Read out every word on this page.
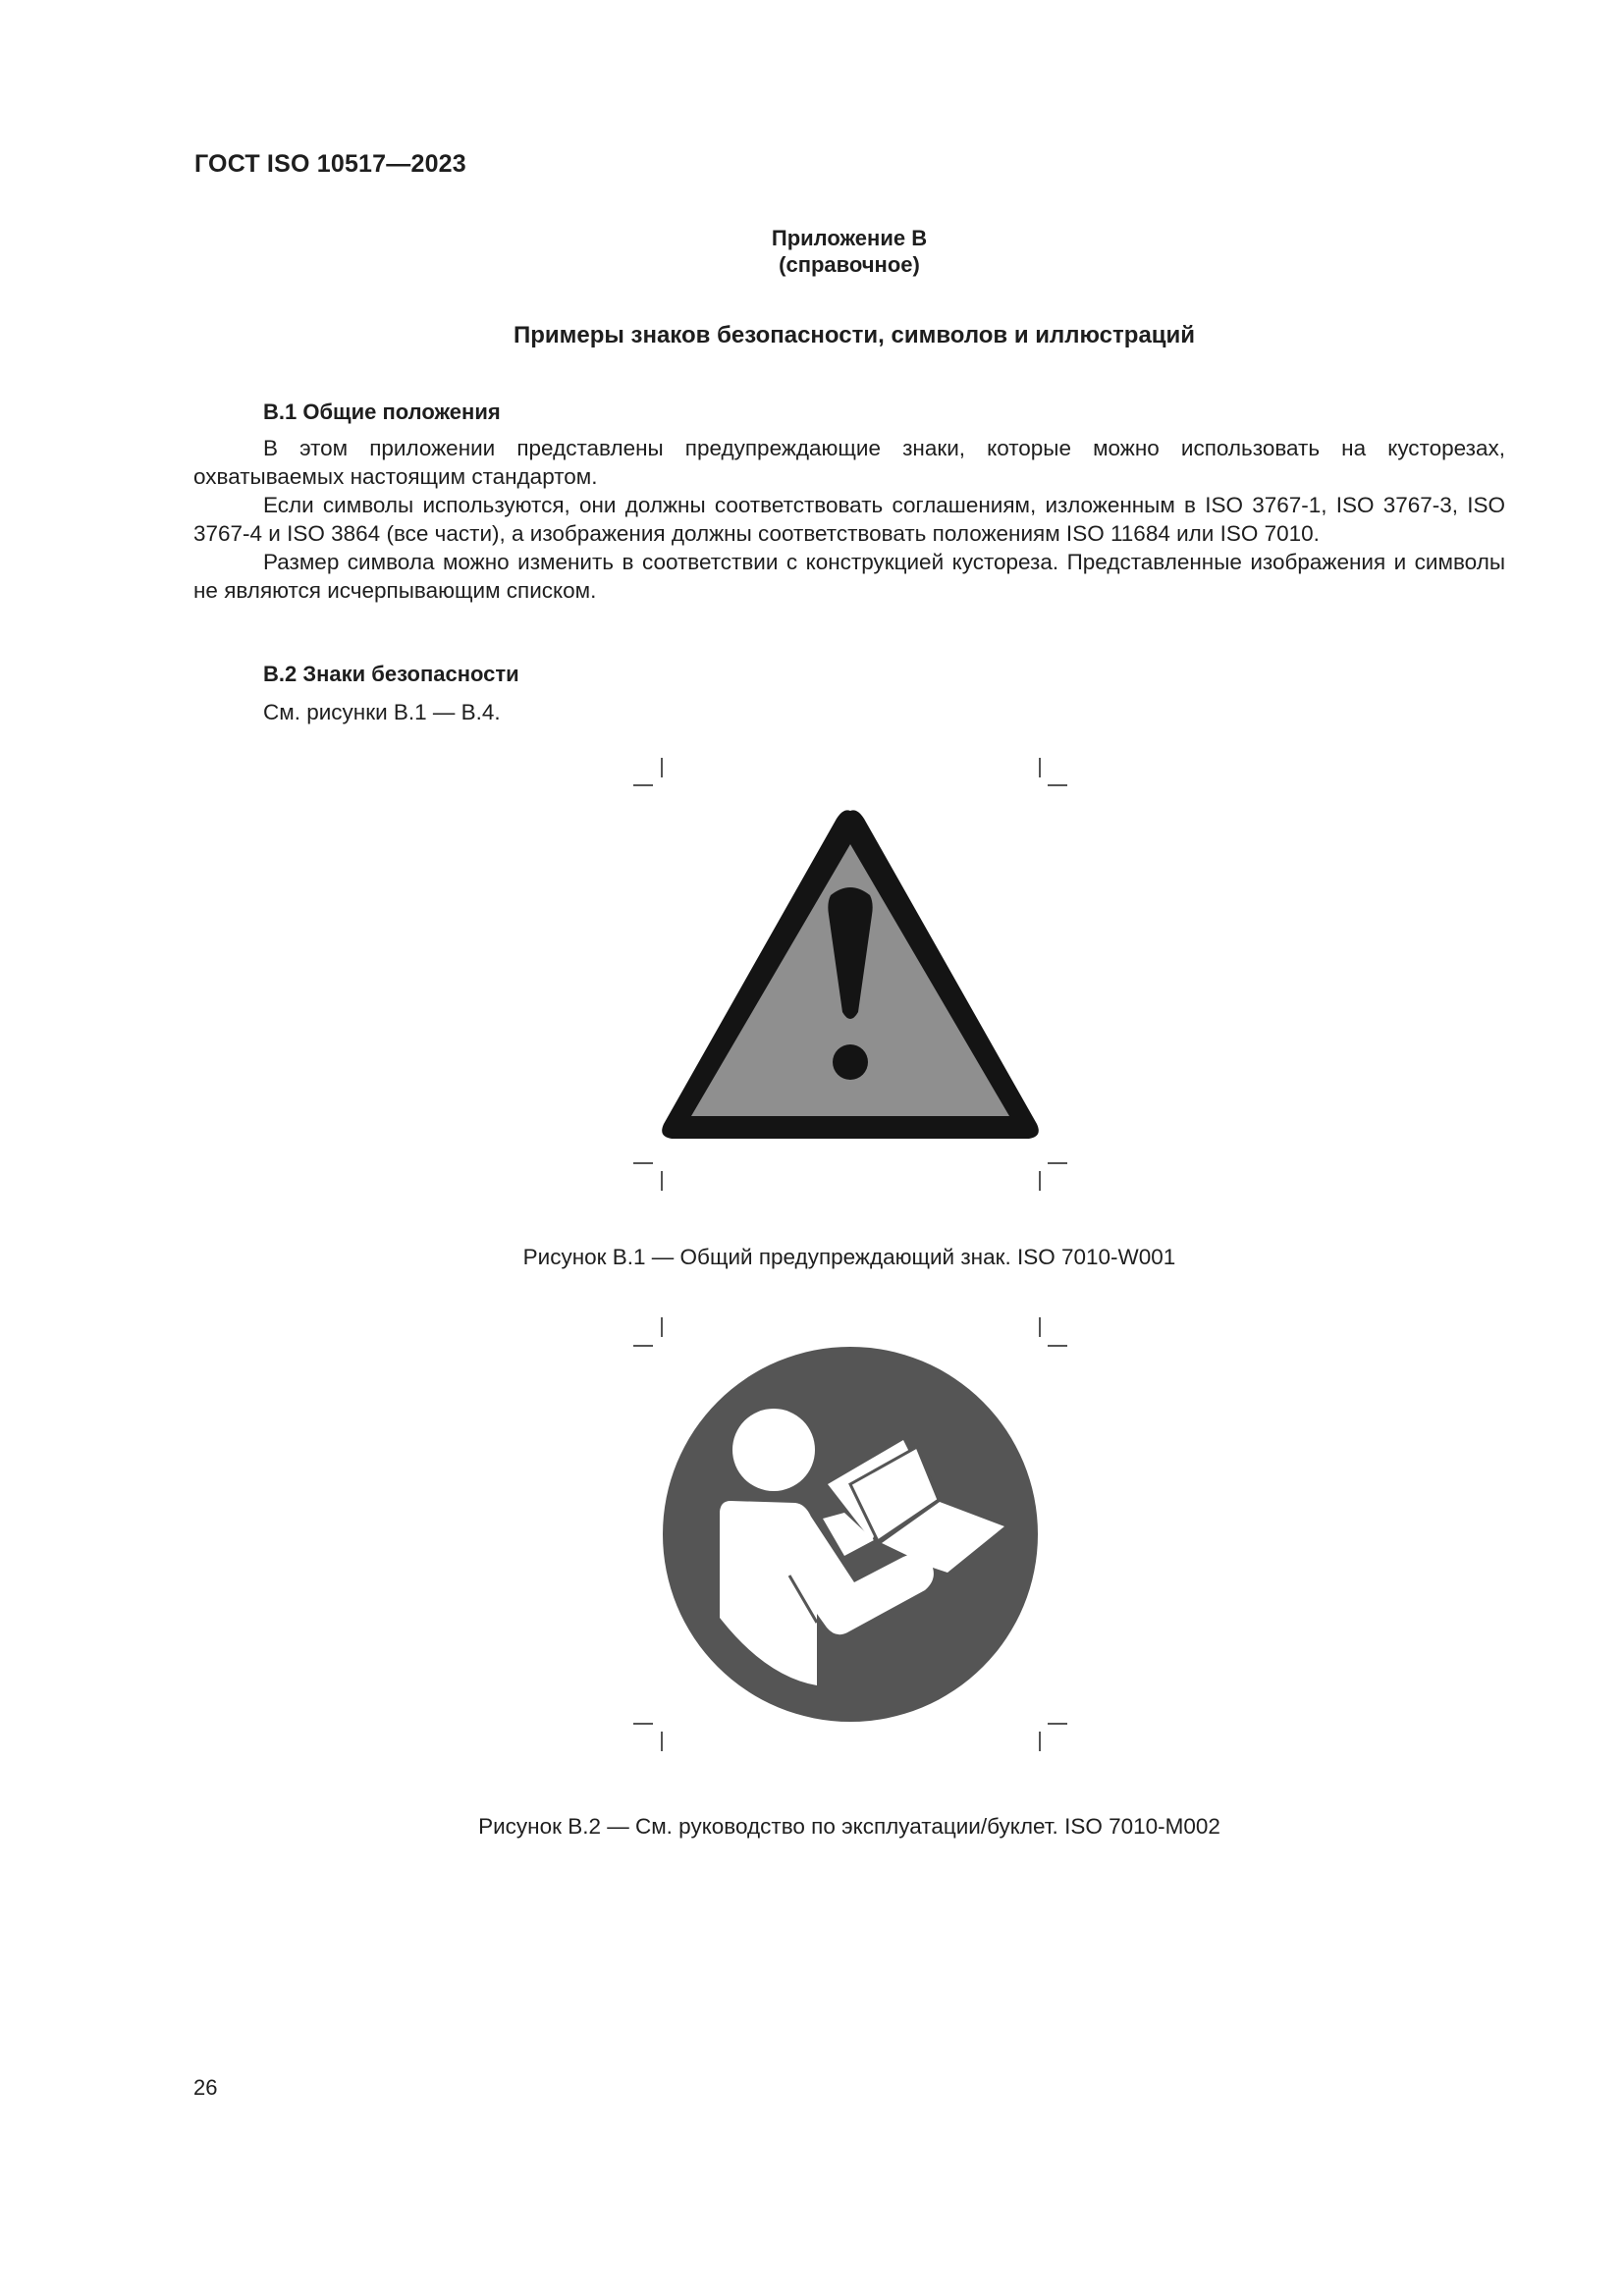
ГОСТ ISO 10517—2023
Приложение В
(справочное)
Примеры знаков безопасности, символов и иллюстраций
В.1 Общие положения

В этом приложении представлены предупреждающие знаки, которые можно использовать на кусторезах, охватываемых настоящим стандартом.

Если символы используются, они должны соответствовать соглашениям, изложенным в ISO 3767-1, ISO 3767-3, ISO 3767-4 и ISO 3864 (все части), а изображения должны соответствовать положениям ISO 11684 или ISO 7010.

Размер символа можно изменить в соответствии с конструкцией кустореза. Представленные изображения и символы не являются исчерпывающим списком.

В.2 Знаки безопасности
См. рисунки В.1 — В.4.
Рисунок В.1 — Общий предупреждающий знак. ISO 7010-W001
Рисунок В.2 — См. руководство по эксплуатации/буклет. ISO 7010-M002
26
